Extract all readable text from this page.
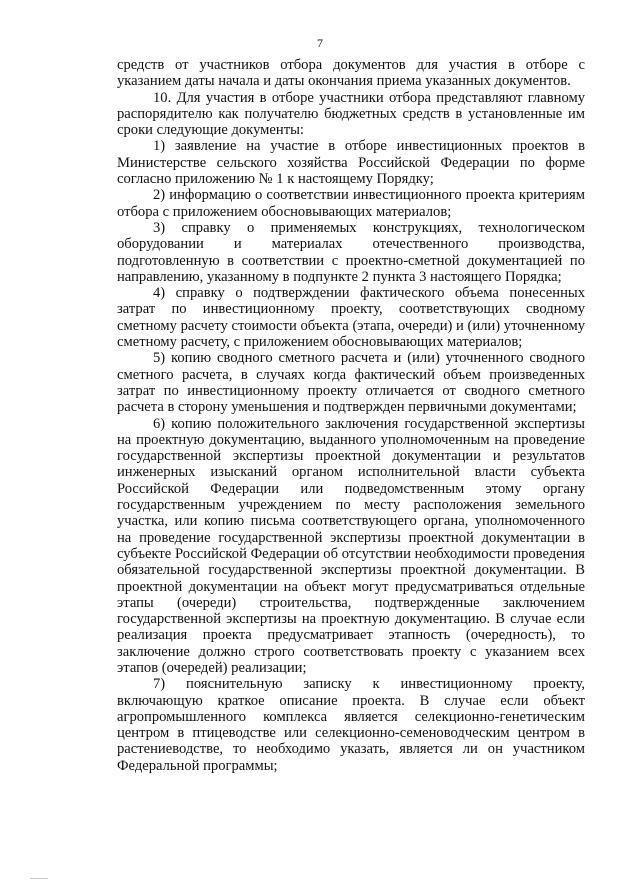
7

средств от участников отбора документов для участия в отборе с указанием даты начала и даты окончания приема указанных документов.

10. Для участия в отборе участники отбора представляют главному распорядителю как получателю бюджетных средств в установленные им сроки следующие документы:

1) заявление на участие в отборе инвестиционных проектов в Министерстве сельского хозяйства Российской Федерации по форме согласно приложению № 1 к настоящему Порядку;

2) информацию о соответствии инвестиционного проекта критериям отбора с приложением обосновывающих материалов;

3) справку о применяемых конструкциях, технологическом оборудовании и материалах отечественного производства, подготовленную в соответствии с проектно-сметной документацией по направлению, указанному в подпункте 2 пункта 3 настоящего Порядка;

4) справку о подтверждении фактического объема понесенных затрат по инвестиционному проекту, соответствующих сводному сметному расчету стоимости объекта (этапа, очереди) и (или) уточненному сметному расчету, с приложением обосновывающих материалов;

5) копию сводного сметного расчета и (или) уточненного сводного сметного расчета, в случаях когда фактический объем произведенных затрат по инвестиционному проекту отличается от сводного сметного расчета в сторону уменьшения и подтвержден первичными документами;

6) копию положительного заключения государственной экспертизы на проектную документацию, выданного уполномоченным на проведение государственной экспертизы проектной документации и результатов инженерных изысканий органом исполнительной власти субъекта Российской Федерации или подведомственным этому органу государственным учреждением по месту расположения земельного участка, или копию письма соответствующего органа, уполномоченного на проведение государственной экспертизы проектной документации в субъекте Российской Федерации об отсутствии необходимости проведения обязательной государственной экспертизы проектной документации. В проектной документации на объект могут предусматриваться отдельные этапы (очереди) строительства, подтвержденные заключением государственной экспертизы на проектную документацию. В случае если реализация проекта предусматривает этапность (очередность), то заключение должно строго соответствовать проекту с указанием всех этапов (очередей) реализации;

7) пояснительную записку к инвестиционному проекту, включающую краткое описание проекта. В случае если объект агропромышленного комплекса является селекционно-генетическим центром в птицеводстве или селекционно-семеноводческим центром в растениеводстве, то необходимо указать, является ли он участником Федеральной программы;
